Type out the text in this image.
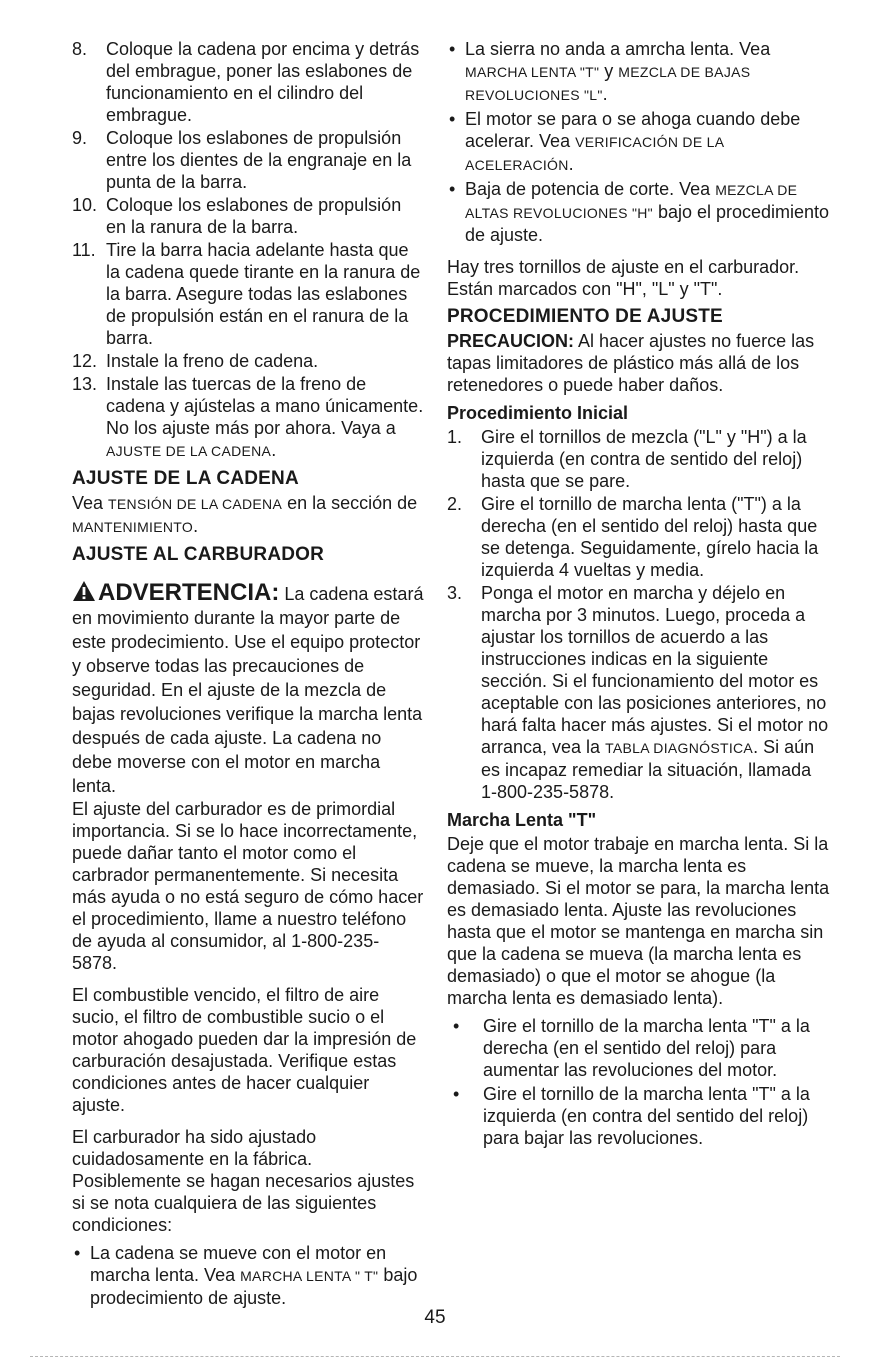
8.	Coloque la cadena por encima y detrás del embrague, poner las eslabones de funcionamiento en el cilindro del embrague.
9.	Coloque los eslabones de propulsión entre los dientes de la engranaje en la punta de la barra.
10. Coloque los eslabones de propulsión en la ranura de la barra.
11. Tire la barra hacia adelante hasta que la cadena quede tirante en la ranura de la barra. Asegure todas las eslabones de propulsión están en el ranura de la barra.
12. Instale la freno de cadena.
13. Instale las tuercas de la freno de cadena y ajústelas a mano únicamente. No los ajuste más por ahora. Vaya a AJUSTE DE LA CADENA.
AJUSTE DE LA CADENA

Vea TENSIÓN DE LA CADENA en la sección de MANTENIMIENTO.

AJUSTE AL CARBURADOR

ADVERTENCIA: La cadena estará en movimiento durante la mayor parte de este prodecimiento. Use el equipo protector y observe todas las precauciones de seguridad. En el ajuste de la mezcla de bajas revoluciones verifique la marcha lenta después de cada ajuste. La cadena no debe moverse con el motor en marcha lenta.

El ajuste del carburador es de primordial importancia. Si se lo hace incorrectamente, puede dañar tanto el motor como el carbrador permanentemente. Si necesita más ayuda o no está seguro de cómo hacer el procedimiento, llame a nuestro teléfono de ayuda al consumidor, al 1-800-235-5878.

El combustible vencido, el filtro de aire sucio, el filtro de combustible sucio o el motor ahogado pueden dar la impresión de carburación desajustada. Verifique estas condiciones antes de hacer cualquier ajuste.

El carburador ha sido ajustado cuidadosamente en la fábrica. Posiblemente se hagan necesarios ajustes si se nota cualquiera de las siguientes condiciones:

• La cadena se mueve con el motor en marcha lenta. Vea MARCHA LENTA " T" bajo prodecimiento de ajuste.
• La sierra no anda a amrcha lenta. Vea MARCHA LENTA "T" y MEZCLA DE BAJAS REVOLUCIONES "L".
• El motor se para o se ahoga cuando debe acelerar. Vea VERIFICACIÓN DE LA ACELERACIÓN.
• Baja de potencia de corte. Vea MEZCLA DE ALTAS REVOLUCIONES "H" bajo el procedimiento de ajuste.

Hay tres tornillos de ajuste en el carburador. Están marcados con "H", "L" y "T".

PROCEDIMIENTO DE AJUSTE

PRECAUCION: Al hacer ajustes no fuerce las tapas limitadores de plástico más allá de los retenedores o puede haber daños.

Procedimiento Inicial
1.	Gire el tornillos de mezcla ("L" y "H") a la izquierda (en contra de sentido del reloj) hasta que se pare.
2.	Gire el tornillo de marcha lenta ("T") a la derecha (en el sentido del reloj) hasta que se detenga. Seguidamente, gírelo hacia la izquierda 4 vueltas y media.
3.	Ponga el motor en marcha y déjelo en marcha por 3 minutos. Luego, proceda a ajustar los tornillos de acuerdo a las instrucciones indicas en la siguiente sección. Si el funcionamiento del motor es aceptable con las posiciones anteriores, no hará falta hacer más ajustes. Si el motor no arranca, vea la TABLA DIAGNÓSTICA. Si aún es incapaz remediar la situación, llamada 1-800-235-5878.
Marcha Lenta "T"

Deje que el motor trabaje en marcha lenta. Si la cadena se mueve, la marcha lenta es demasiado. Si el motor se para, la marcha lenta es demasiado lenta. Ajuste las revoluciones hasta que el motor se mantenga en marcha sin que la cadena se mueva (la marcha lenta es demasiado) o que el motor se ahogue (la marcha lenta es demasiado lenta).

• Gire el tornillo de la marcha lenta "T" a la derecha (en el sentido del reloj) para aumentar las revoluciones del motor.
• Gire el tornillo de la marcha lenta "T" a la izquierda (en contra del sentido del reloj) para bajar las revoluciones.
45
